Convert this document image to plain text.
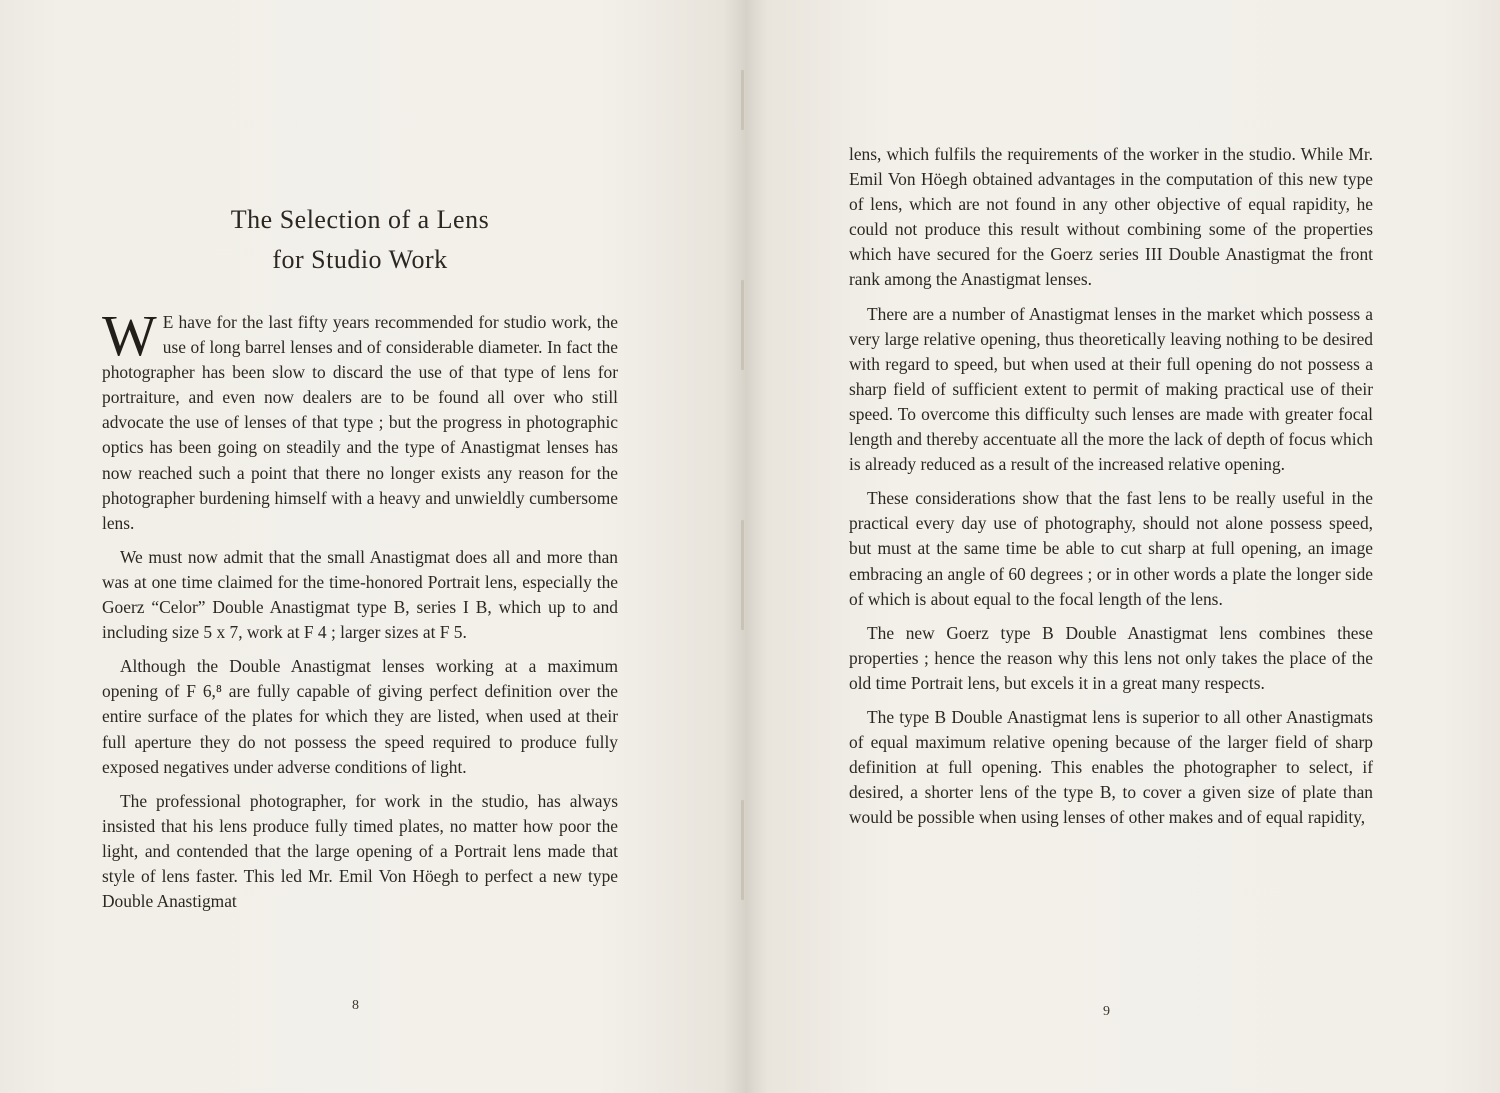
The Selection of a Lens
for Studio Work

W E have for the last fifty years recommended for studio work, the use of long barrel lenses and of considerable diameter. In fact the photographer has been slow to discard the use of that type of lens for portraiture, and even now dealers are to be found all over who still advocate the use of lenses of that type ; but the progress in photographic optics has been going on steadily and the type of Anastigmat lenses has now reached such a point that there no longer exists any reason for the photographer burdening himself with a heavy and unwieldly cumbersome lens.

We must now admit that the small Anastigmat does all and more than was at one time claimed for the time-honored Portrait lens, especially the Goerz “Celor” Double Anastigmat type B, series I B, which up to and including size 5 x 7, work at F 4 ; larger sizes at F 5.

Although the Double Anastigmat lenses working at a maximum opening of F 6,⁸ are fully capable of giving perfect definition over the entire surface of the plates for which they are listed, when used at their full aperture they do not possess the speed required to produce fully exposed negatives under adverse conditions of light.

The professional photographer, for work in the studio, has always insisted that his lens produce fully timed plates, no matter how poor the light, and contended that the large opening of a Portrait lens made that style of lens faster. This led Mr. Emil Von Höegh to perfect a new type Double Anastigmat

8

lens, which fulfils the requirements of the worker in the studio. While Mr. Emil Von Höegh obtained advantages in the computation of this new type of lens, which are not found in any other objective of equal rapidity, he could not produce this result without combining some of the properties which have secured for the Goerz series III Double Anastigmat the front rank among the Anastigmat lenses.

There are a number of Anastigmat lenses in the market which possess a very large relative opening, thus theoretically leaving nothing to be desired with regard to speed, but when used at their full opening do not possess a sharp field of sufficient extent to permit of making practical use of their speed. To overcome this difficulty such lenses are made with greater focal length and thereby accentuate all the more the lack of depth of focus which is already reduced as a result of the increased relative opening.

These considerations show that the fast lens to be really useful in the practical every day use of photography, should not alone possess speed, but must at the same time be able to cut sharp at full opening, an image embracing an angle of 60 degrees ; or in other words a plate the longer side of which is about equal to the focal length of the lens.

The new Goerz type B Double Anastigmat lens combines these properties ; hence the reason why this lens not only takes the place of the old time Portrait lens, but excels it in a great many respects.

The type B Double Anastigmat lens is superior to all other Anastigmats of equal maximum relative opening because of the larger field of sharp definition at full opening. This enables the photographer to select, if desired, a shorter lens of the type B, to cover a given size of plate than would be possible when using lenses of other makes and of equal rapidity,

9
